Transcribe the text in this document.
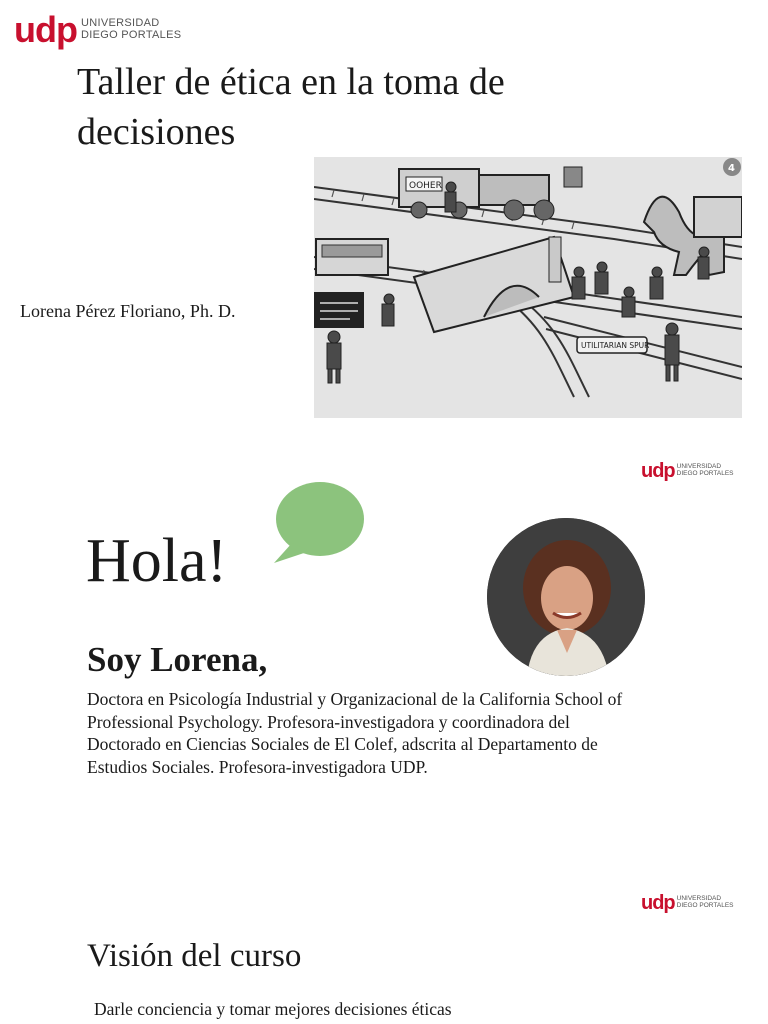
udp UNIVERSIDAD
DIEGO PORTALES
Taller de ética en la toma de decisiones
Lorena Pérez Floriano, Ph. D.
OOHER
UTILITARIAN SPUR
4
udp UNIVERSIDAD
DIEGO PORTALES
Hola!
Soy Lorena,

Doctora en Psicología Industrial y Organizacional de la California School of Professional Psychology. Profesora-investigadora y coordinadora del Doctorado en Ciencias Sociales de El Colef, adscrita al Departamento de Estudios Sociales. Profesora-investigadora UDP.

udp UNIVERSIDAD
DIEGO PORTALES
Visión del curso

Darle conciencia y tomar mejores decisiones éticas
